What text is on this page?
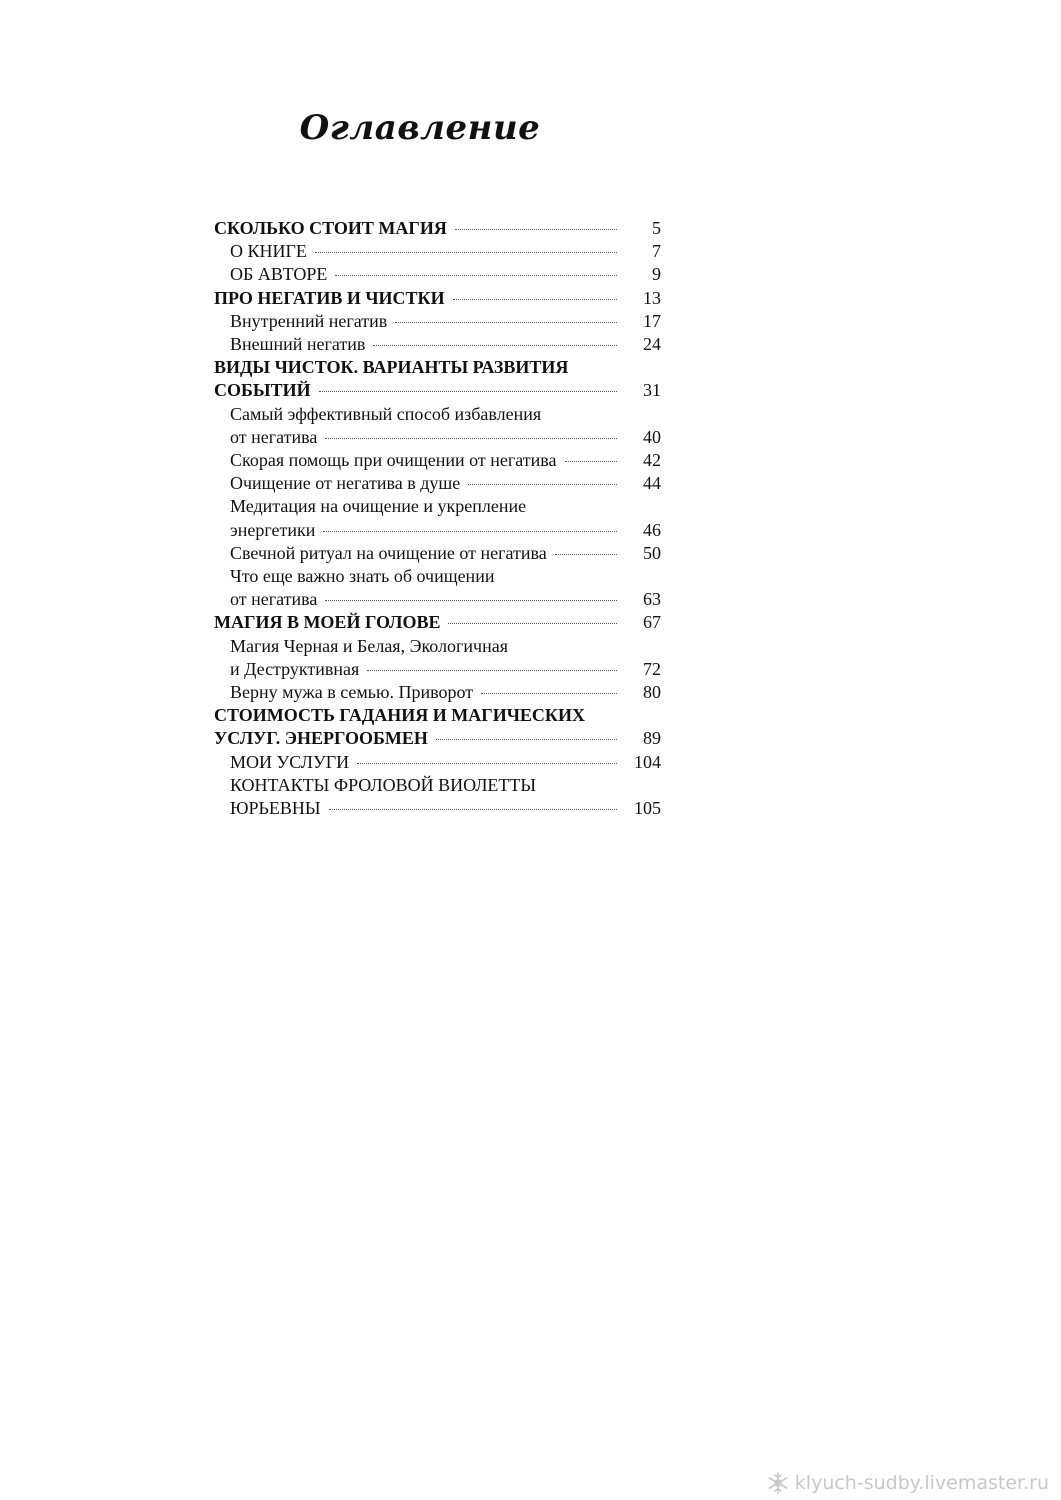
Оглавление
СКОЛЬКО СТОИТ МАГИЯ	5
О КНИГЕ	7
ОБ АВТОРЕ	9
ПРО НЕГАТИВ И ЧИСТКИ	13
Внутренний негатив	17
Внешний негатив	24
ВИДЫ ЧИСТОК. ВАРИАНТЫ РАЗВИТИЯ
СОБЫТИЙ	31
Самый эффективный способ избавления
от негатива	40
Скорая помощь при очищении от негатива	42
Очищение от негатива в душе	44
Медитация на очищение и укрепление
энергетики	46
Свечной ритуал на очищение от негатива	50
Что еще важно знать об очищении
от негатива	63
МАГИЯ В МОЕЙ ГОЛОВЕ	67
Магия Черная и Белая, Экологичная
и Деструктивная	72
Верну мужа в семью. Приворот	80
СТОИМОСТЬ ГАДАНИЯ И МАГИЧЕСКИХ
УСЛУГ. ЭНЕРГООБМЕН	89
МОИ УСЛУГИ	104
КОНТАКТЫ ФРОЛОВОЙ ВИОЛЕТТЫ
ЮРЬЕВНЫ	105
klyuch-sudby.livemaster.ru
